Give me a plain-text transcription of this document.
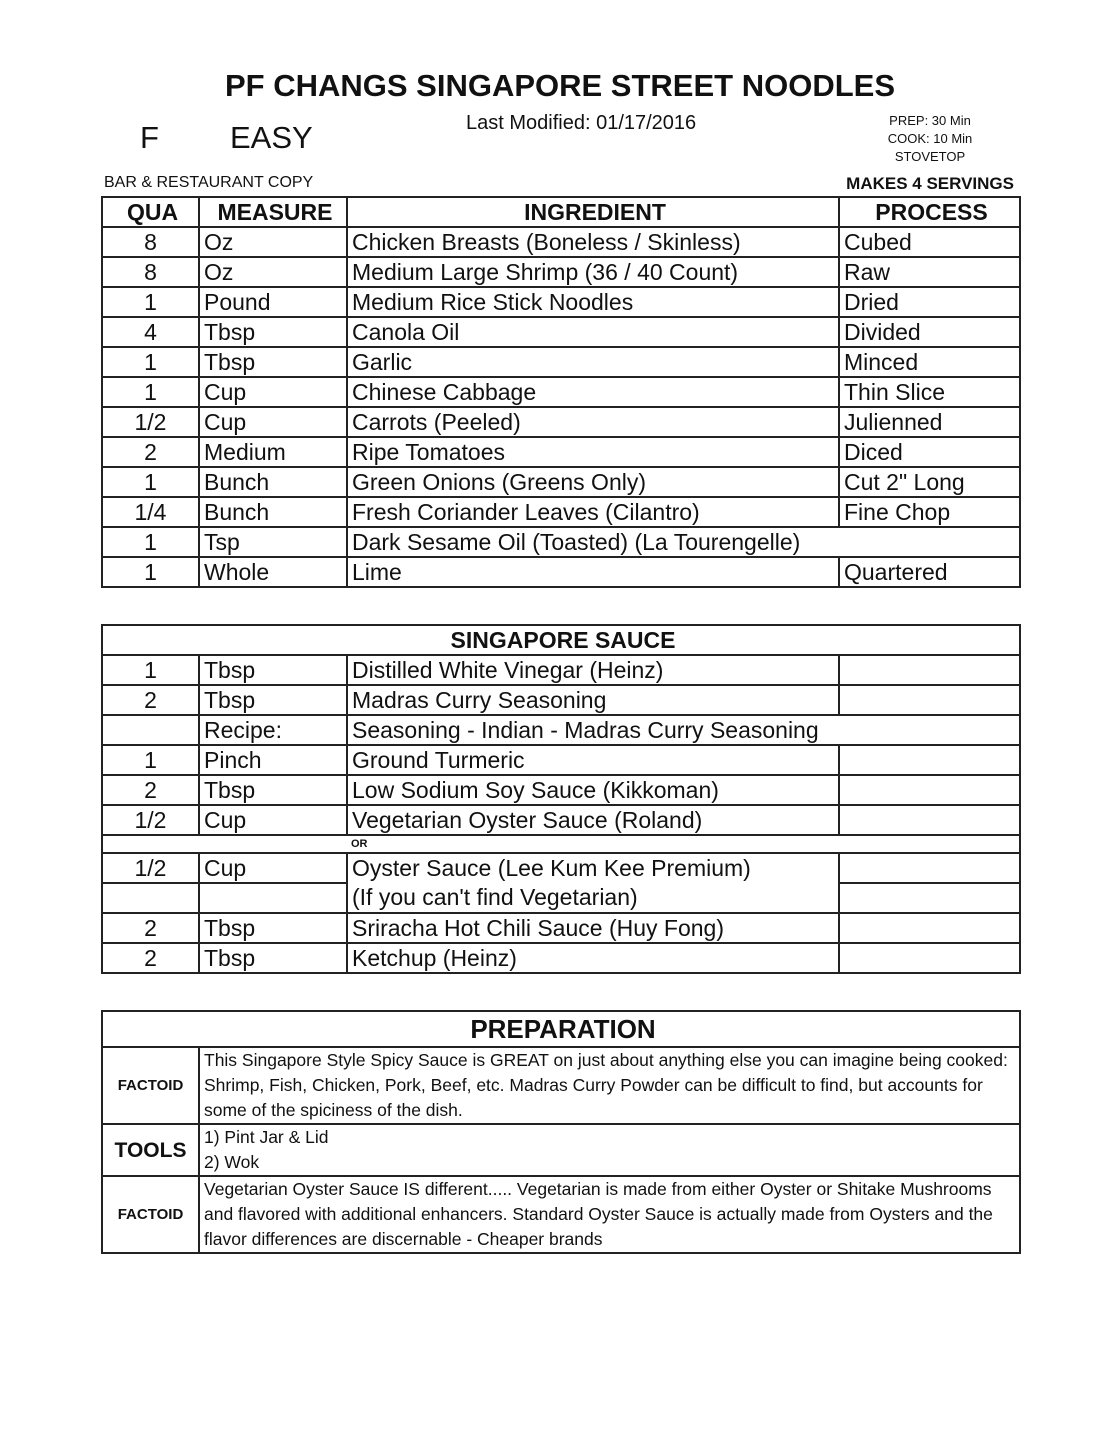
PF CHANGS SINGAPORE STREET NOODLES
F EASY	Last Modified: 01/17/2016	PREP: 30 Min
COOK: 10 Min
STOVETOP
BAR & RESTAURANT COPY	MAKES 4 SERVINGS
QUA	MEASURE	INGREDIENT	PROCESS
8	Oz	Chicken Breasts (Boneless / Skinless)	Cubed
8	Oz	Medium Large Shrimp (36 / 40 Count)	Raw
1	Pound	Medium Rice Stick Noodles	Dried
4	Tbsp	Canola Oil	Divided
1	Tbsp	Garlic	Minced
1	Cup	Chinese Cabbage	Thin Slice
1/2	Cup	Carrots (Peeled)	Julienned
2	Medium	Ripe Tomatoes	Diced
1	Bunch	Green Onions (Greens Only)	Cut 2" Long
1/4	Bunch	Fresh Coriander Leaves (Cilantro)	Fine Chop
1	Tsp	Dark Sesame Oil (Toasted) (La Tourengelle)	
1	Whole	Lime	Quartered
SINGAPORE SAUCE			
1	Tbsp	Distilled White Vinegar (Heinz)	
2	Tbsp	Madras Curry Seasoning	
	Recipe:	Seasoning - Indian - Madras Curry Seasoning	
1	Pinch	Ground Turmeric	
2	Tbsp	Low Sodium Soy Sauce (Kikkoman)	
1/2	Cup	Vegetarian Oyster Sauce (Roland)	
OR			
1/2	Cup	Oyster Sauce (Lee Kum Kee Premium)	
		(If you can't find Vegetarian)	
2	Tbsp	Sriracha Hot Chili Sauce (Huy Fong)	
2	Tbsp	Ketchup (Heinz)	
PREPARATION	
FACTOID	This Singapore Style Spicy Sauce is GREAT on just about anything else you can imagine being cooked: Shrimp, Fish, Chicken, Pork, Beef, etc. Madras Curry Powder can be difficult to find, but accounts for some of the spiciness of the dish.
TOOLS	1) Pint Jar & Lid
2) Wok

FACTOID	Vegetarian Oyster Sauce IS different..... Vegetarian is made from either Oyster or Shitake Mushrooms and flavored with additional enhancers. Standard Oyster Sauce is actually made from Oysters and the flavor differences are discernable - Cheaper brands
